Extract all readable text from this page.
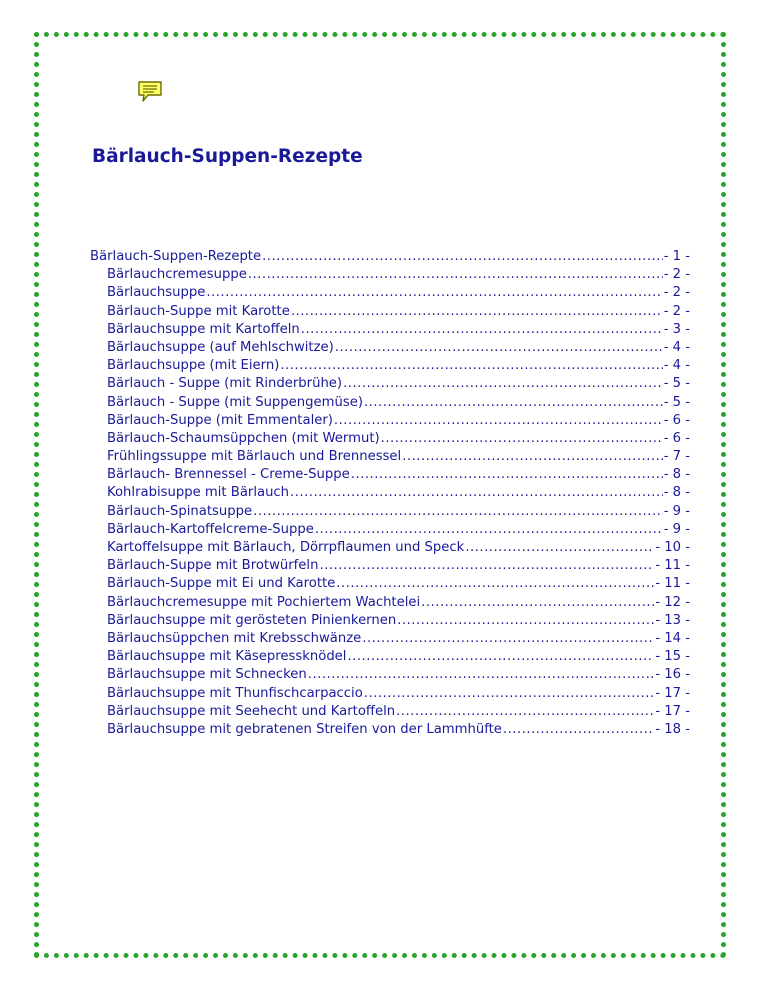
Bärlauch-Suppen-Rezepte
Bärlauch-Suppen-Rezepte .....	- 1 -
Bärlauchcremesuppe .....	- 2 -
Bärlauchsuppe .....	- 2 -
Bärlauch-Suppe mit Karotte .....	- 2 -
Bärlauchsuppe mit Kartoffeln .....	- 3 -
Bärlauchsuppe (auf Mehlschwitze) .....	- 4 -
Bärlauchsuppe (mit Eiern) .....	- 4 -
Bärlauch - Suppe (mit Rinderbrühe) .....	- 5 -
Bärlauch - Suppe (mit Suppengemüse) .....	- 5 -
Bärlauch-Suppe (mit Emmentaler) .....	- 6 -
Bärlauch-Schaumsüppchen (mit Wermut) .....	- 6 -
Frühlingssuppe mit Bärlauch und Brennessel .....	- 7 -
Bärlauch- Brennessel - Creme-Suppe .....	- 8 -
Kohlrabisuppe mit Bärlauch .....	- 8 -
Bärlauch-Spinatsuppe .....	- 9 -
Bärlauch-Kartoffelcreme-Suppe .....	- 9 -
Kartoffelsuppe mit Bärlauch, Dörrpflaumen und Speck .....	- 10 -
Bärlauch-Suppe mit Brotwürfeln .....	- 11 -
Bärlauch-Suppe mit Ei und Karotte .....	- 11 -
Bärlauchcremesuppe mit Pochiertem Wachtelei .....	- 12 -
Bärlauchsuppe mit gerösteten Pinienkernen .....	- 13 -
Bärlauchsüppchen mit Krebsschwänze .....	- 14 -
Bärlauchsuppe mit Käsepressknödel .....	- 15 -
Bärlauchsuppe mit Schnecken .....	- 16 -
Bärlauchsuppe mit Thunfischcarpaccio .....	- 17 -
Bärlauchsuppe mit Seehecht und Kartoffeln .....	- 17 -
Bärlauchsuppe mit gebratenen Streifen von der Lammhüfte .....	- 18 -
